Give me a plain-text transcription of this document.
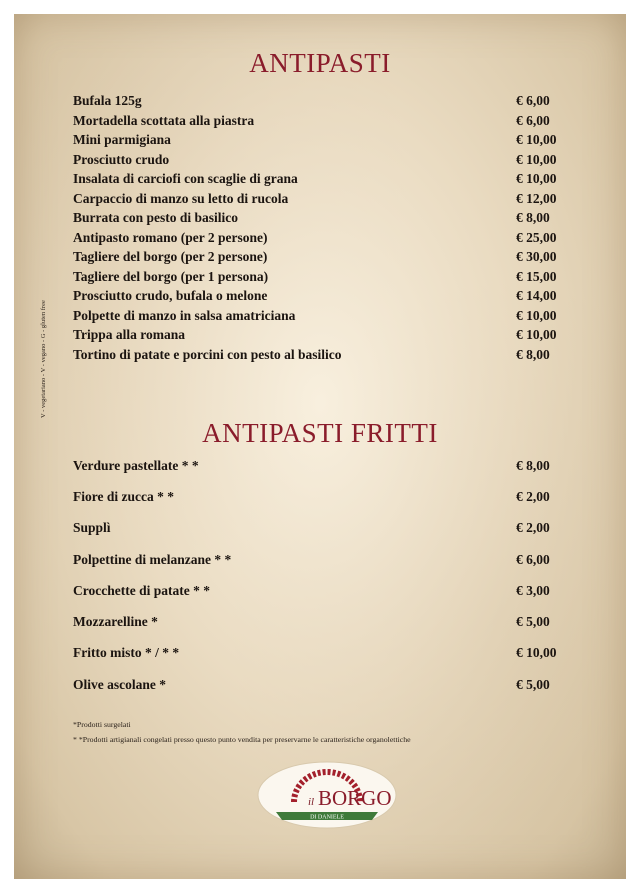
V - vegetariano - V - vegano - G - gluten free
ANTIPASTI
Bufala 125g	€ 6,00
Mortadella scottata alla piastra	€ 6,00
Mini parmigiana	€ 10,00
Prosciutto crudo	€ 10,00
Insalata di carciofi con scaglie di grana	€ 10,00
Carpaccio di manzo su letto di rucola	€ 12,00
Burrata con pesto di basilico	€ 8,00
Antipasto romano (per 2 persone)	€ 25,00
Tagliere del borgo (per 2 persone)	€ 30,00
Tagliere del borgo (per 1 persona)	€ 15,00
Prosciutto crudo, bufala o melone	€ 14,00
Polpette di manzo in salsa amatriciana	€ 10,00
Trippa alla romana	€ 10,00
Tortino di patate e porcini con pesto al basilico	€ 8,00
ANTIPASTI FRITTI
Verdure pastellate * *	€ 8,00
Fiore di zucca * *	€ 2,00
Supplì	€ 2,00
Polpettine di melanzane * *	€ 6,00
Crocchette di patate * *	€ 3,00
Mozzarelline *	€ 5,00
Fritto misto * / * *	€ 10,00
Olive ascolane *	€ 5,00
*Prodotti surgelati
* *Prodotti artigianali congelati presso questo punto vendita per preservarne le caratteristiche organolettiche
il BORGO
DI DANIELE
